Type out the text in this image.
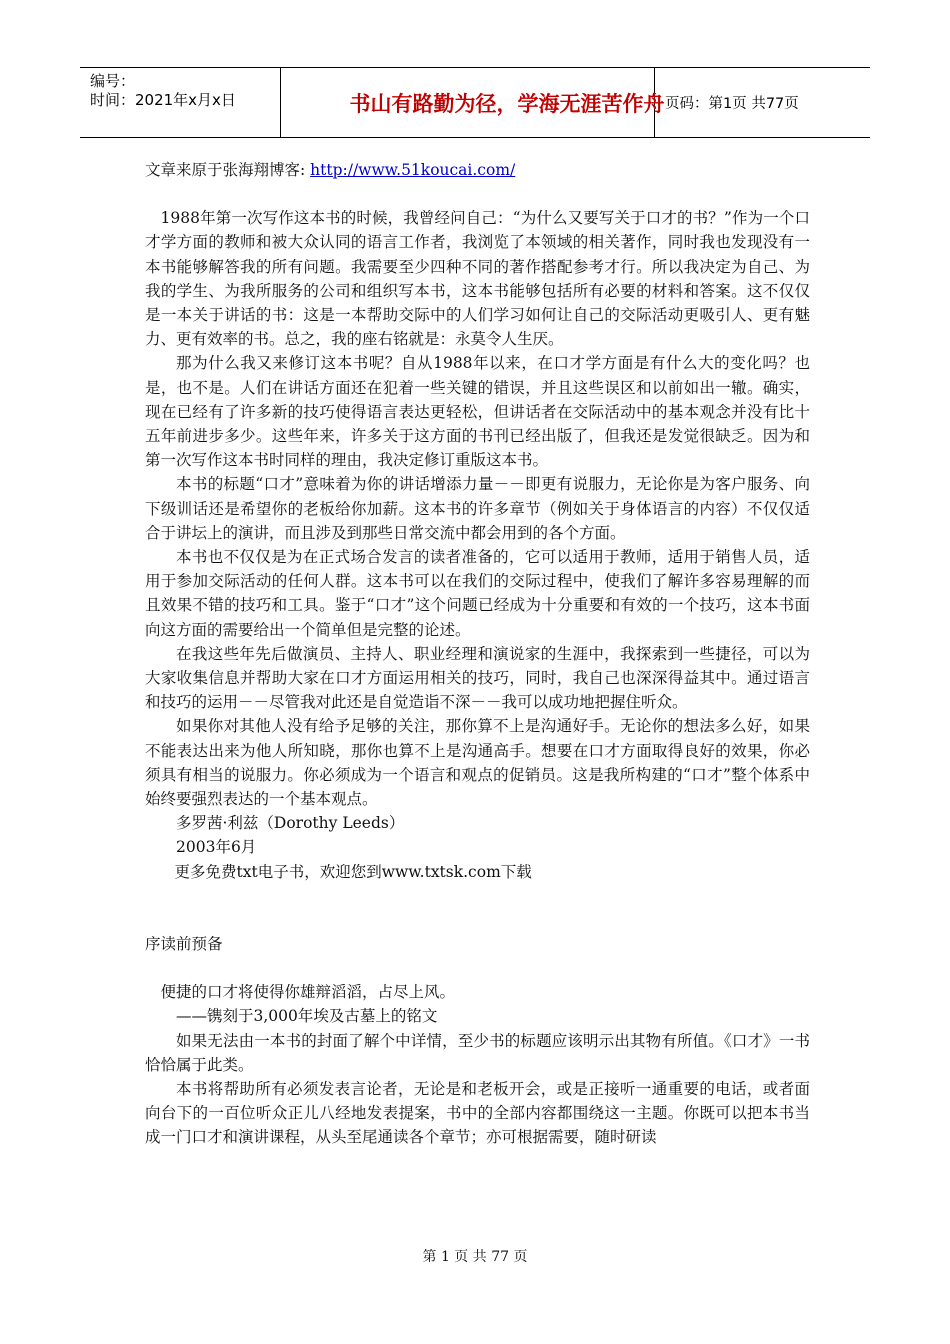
编号：
时间：2021年x月x日	书山有路勤为径，学海无涯苦作舟 页码：第1页 共77页

文章来原于张海翔博客: http://www.51koucai.com/

1988年第一次写作这本书的时候，我曾经问自己：“为什么又要写关于口才的书？”作为一个口才学方面的教师和被大众认同的语言工作者，我浏览了本领域的相关著作，同时我也发现没有一本书能够解答我的所有问题。我需要至少四种不同的著作搭配参考才行。所以我决定为自己、为我的学生、为我所服务的公司和组织写本书，这本书能够包括所有必要的材料和答案。这不仅仅是一本关于讲话的书：这是一本帮助交际中的人们学习如何让自己的交际活动更吸引人、更有魅力、更有效率的书。总之，我的座右铭就是：永莫令人生厌。

那为什么我又来修订这本书呢？自从1988年以来，在口才学方面是有什么大的变化吗？也是，也不是。人们在讲话方面还在犯着一些关键的错误，并且这些误区和以前如出一辙。确实，现在已经有了许多新的技巧使得语言表达更轻松，但讲话者在交际活动中的基本观念并没有比十五年前进步多少。这些年来，许多关于这方面的书刊已经出版了，但我还是发觉很缺乏。因为和第一次写作这本书时同样的理由，我决定修订重版这本书。

本书的标题“口才”意味着为你的讲话增添力量－－即更有说服力，无论你是为客户服务、向下级训话还是希望你的老板给你加薪。这本书的许多章节（例如关于身体语言的内容）不仅仅适合于讲坛上的演讲，而且涉及到那些日常交流中都会用到的各个方面。

本书也不仅仅是为在正式场合发言的读者准备的，它可以适用于教师，适用于销售人员，适用于参加交际活动的任何人群。这本书可以在我们的交际过程中，使我们了解许多容易理解的而且效果不错的技巧和工具。鉴于“口才”这个问题已经成为十分重要和有效的一个技巧，这本书面向这方面的需要给出一个简单但是完整的论述。

在我这些年先后做演员、主持人、职业经理和演说家的生涯中，我探索到一些捷径，可以为大家收集信息并帮助大家在口才方面运用相关的技巧，同时，我自己也深深得益其中。通过语言和技巧的运用－－尽管我对此还是自觉造诣不深－－我可以成功地把握住听众。

如果你对其他人没有给予足够的关注，那你算不上是沟通好手。无论你的想法多么好，如果不能表达出来为他人所知晓，那你也算不上是沟通高手。想要在口才方面取得良好的效果，你必须具有相当的说服力。你必须成为一个语言和观点的促销员。这是我所构建的“口才”整个体系中始终要强烈表达的一个基本观点。

多罗茜·利兹（Dorothy Leeds）

2003年6月

更多免费txt电子书，欢迎您到www.txtsk.com下载

序读前预备

便捷的口才将使得你雄辩滔滔，占尽上风。

——镌刻于3,000年埃及古墓上的铭文

如果无法由一本书的封面了解个中详情，至少书的标题应该明示出其物有所值。《口才》一书恰恰属于此类。

本书将帮助所有必须发表言论者，无论是和老板开会，或是正接听一通重要的电话，或者面向台下的一百位听众正儿八经地发表提案，书中的全部内容都围绕这一主题。你既可以把本书当成一门口才和演讲课程，从头至尾通读各个章节；亦可根据需要，随时研读

第 1 页 共 77 页
